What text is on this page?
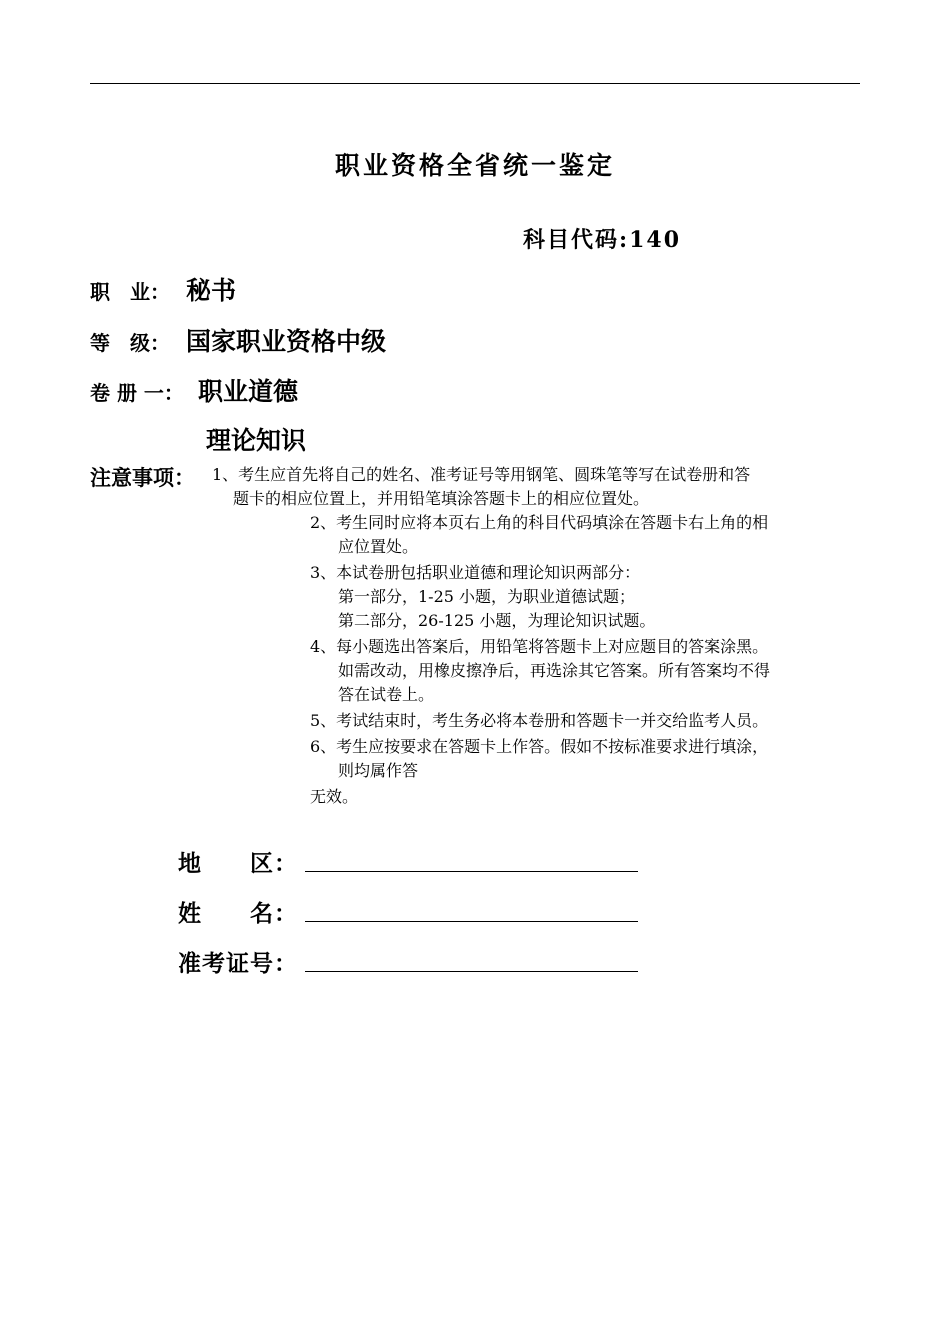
职业资格全省统一鉴定
科目代码:140
职　业： 秘书
等　级： 国家职业资格中级
卷 册 一： 职业道德
理论知识
注意事项： 1、考生应首先将自己的姓名、准考证号等用钢笔、圆珠笔等写在试卷册和答
题卡的相应位置上，并用铅笔填涂答题卡上的相应位置处。
2、考生同时应将本页右上角的科目代码填涂在答题卡右上角的相
应位置处。
3、本试卷册包括职业道德和理论知识两部分：
第一部分，1-25 小题，为职业道德试题；
第二部分，26-125 小题，为理论知识试题。
4、每小题选出答案后，用铅笔将答题卡上对应题目的答案涂黑。
如需改动，用橡皮擦净后，再选涂其它答案。所有答案均不得
答在试卷上。
5、考试结束时，考生务必将本卷册和答题卡一并交给监考人员。
6、考生应按要求在答题卡上作答。假如不按标准要求进行填涂，
则均属作答
无效。
地　　区：
姓　　名：
准考证号：
